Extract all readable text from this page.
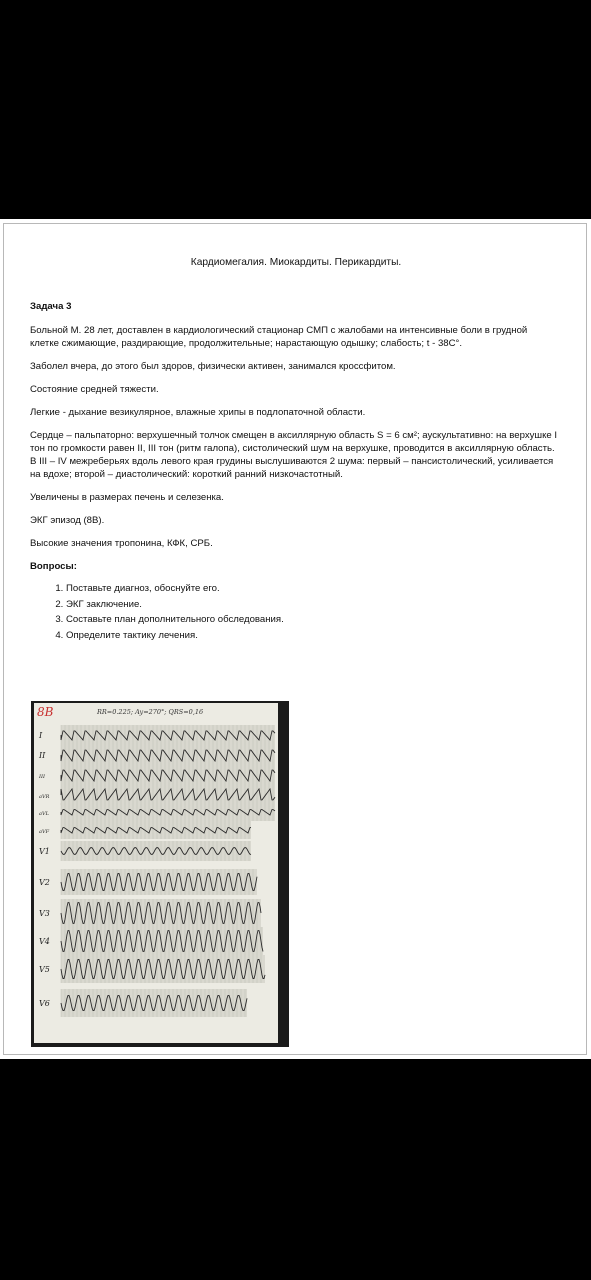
Кардиомегалия. Миокардиты. Перикардиты.

Задача 3

Больной М. 28 лет, доставлен в кардиологический стационар СМП с жалобами на интенсивные боли в грудной клетке сжимающие, раздирающие, продолжительные; нарастающую одышку; слабость; t - 38С°.

Заболел вчера, до этого был здоров, физически активен, занимался кроссфитом.

Состояние средней тяжести.

Легкие - дыхание везикулярное, влажные хрипы в подлопаточной области.

Сердце – пальпаторно: верхушечный толчок смещен в аксиллярную область S = 6 см²; аускультативно: на верхушке I тон по громкости равен II, III тон (ритм галопа), систолический шум на верхушке, проводится в аксиллярную область. В III – IV межреберьях вдоль левого края грудины выслушиваются 2 шума: первый – пансистолический, усиливается на вдохе; второй – диастолический: короткий ранний низкочастотный.

Увеличены в размерах печень и селезенка.

ЭКГ эпизод (8В).

Высокие значения тропонина, КФК, СРБ.

Вопросы:

1. Поставьте диагноз, обоснуйте его.
2. ЭКГ заключение.
3. Составьте план дополнительного обследования.
4. Определите тактику лечения.
8В	RR=0.225; Ay=270°; QRS=0,16
I
II
III
aVR
aVL
aVF
V1
V2
V3
V4
V5
V6
